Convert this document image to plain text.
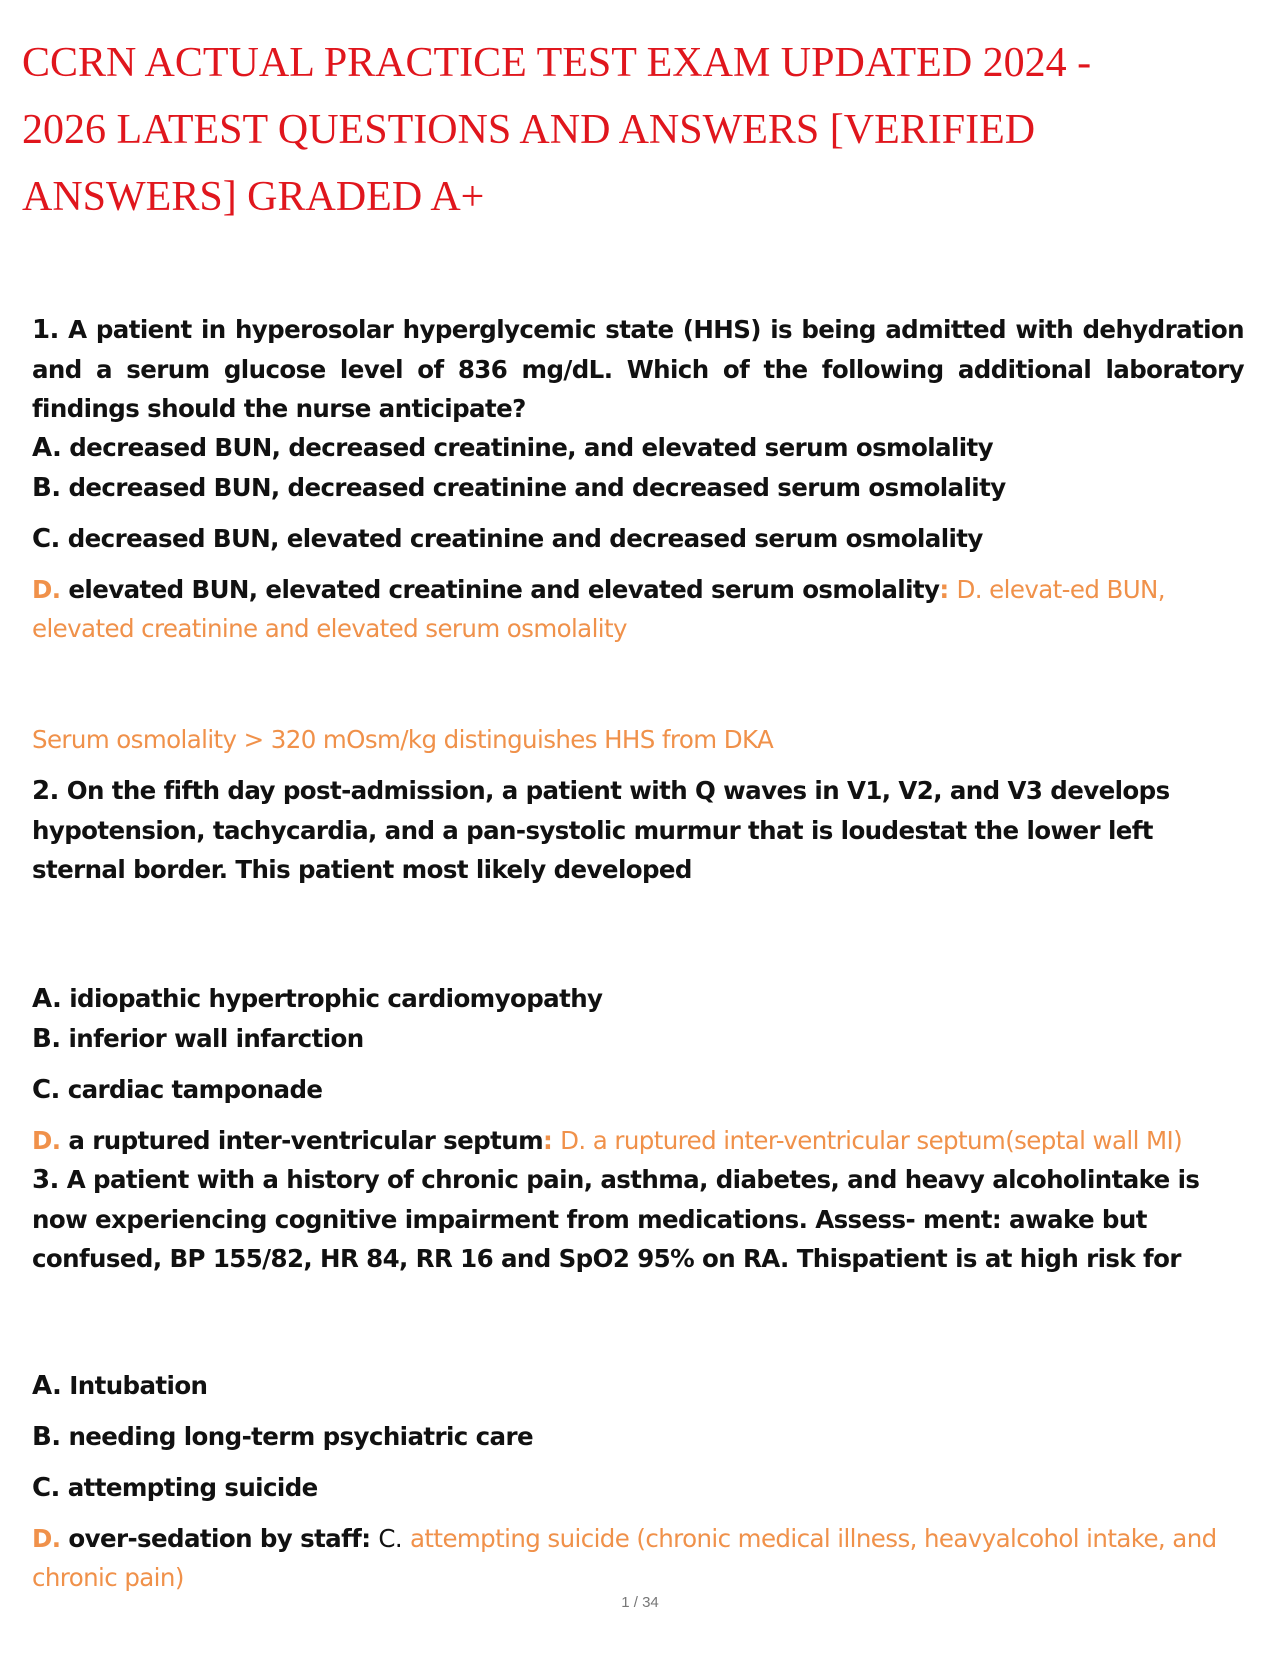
CCRN ACTUAL PRACTICE TEST EXAM UPDATED 2024 -
2026 LATEST QUESTIONS AND ANSWERS [VERIFIED
ANSWERS] GRADED A+

1. A patient in hyperosolar hyperglycemic state (HHS) is being admitted with dehydration and a serum glucose level of 836 mg/dL. Which of the following additional laboratory findings should the nurse anticipate?

A. decreased BUN, decreased creatinine, and elevated serum osmolality

B. decreased BUN, decreased creatinine and decreased serum osmolality

C. decreased BUN, elevated creatinine and decreased serum osmolality

D. elevated BUN, elevated creatinine and elevated serum osmolality: D. elevat-ed BUN, elevated creatinine and elevated serum osmolality

Serum osmolality > 320 mOsm/kg distinguishes HHS from DKA

2. On the fifth day post-admission, a patient with Q waves in V1, V2, and V3 develops
hypotension, tachycardia, and a pan-systolic murmur that is loudestat the lower left
sternal border. This patient most likely developed

A. idiopathic hypertrophic cardiomyopathy

B. inferior wall infarction

C. cardiac tamponade

D. a ruptured inter-ventricular septum: D. a ruptured inter-ventricular septum(septal wall MI)

3. A patient with a history of chronic pain, asthma, diabetes, and heavy alcoholintake is
now experiencing cognitive impairment from medications. Assess- ment: awake but
confused, BP 155/82, HR 84, RR 16 and SpO2 95% on RA. Thispatient is at high risk for

A. Intubation

B. needing long-term psychiatric care

C. attempting suicide

D. over-sedation by staff: C. attempting suicide (chronic medical illness, heavyalcohol intake, and chronic pain)

1 / 34
